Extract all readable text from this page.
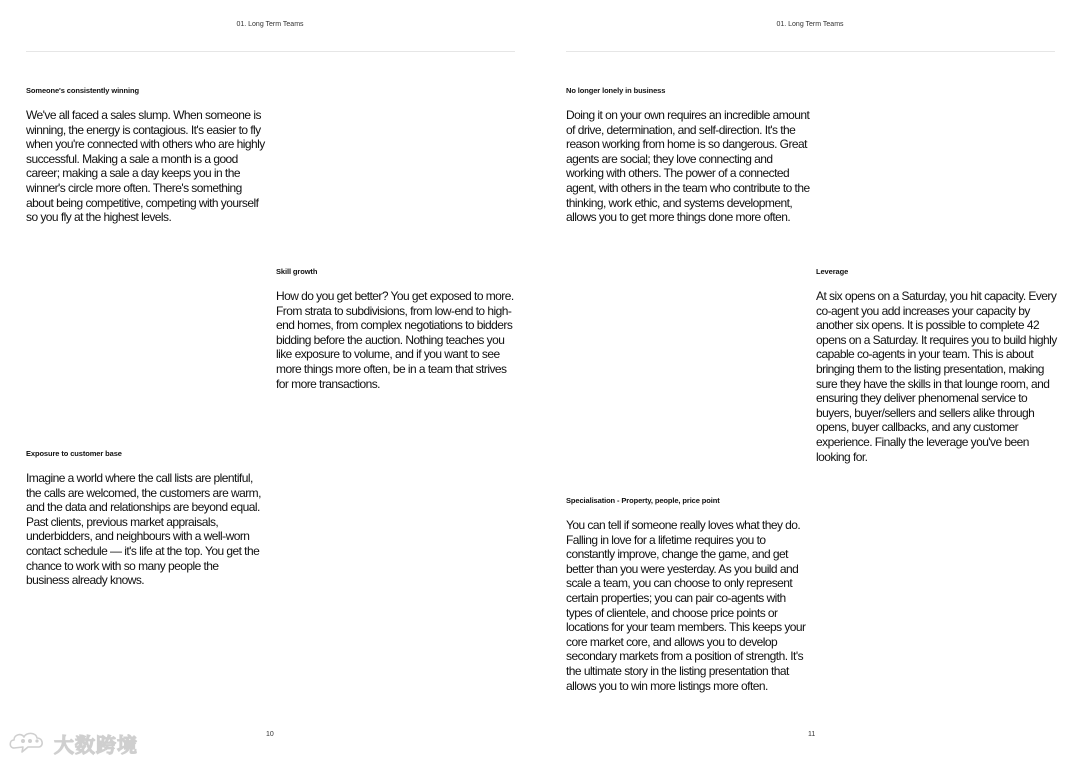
01. Long Term Teams
Someone's consistently winning

We've all faced a sales slump. When someone is winning, the energy is contagious. It's easier to fly when you're connected with others who are highly successful. Making a sale a month is a good career; making a sale a day keeps you in the winner's circle more often. There's something about being competitive, competing with yourself so you fly at the highest levels.

Skill growth

How do you get better? You get exposed to more. From strata to subdivisions, from low-end to high-end homes, from complex negotiations to bidders bidding before the auction. Nothing teaches you like exposure to volume, and if you want to see more things more often, be in a team that strives for more transactions.

Exposure to customer base

Imagine a world where the call lists are plentiful, the calls are welcomed, the customers are warm, and the data and relationships are beyond equal. Past clients, previous market appraisals, underbidders, and neighbours with a well-worn contact schedule — it's life at the top. You get the chance to work with so many people the business already knows.

10
01. Long Term Teams
No longer lonely in business

Doing it on your own requires an incredible amount of drive, determination, and self-direction. It's the reason working from home is so dangerous. Great agents are social; they love connecting and working with others. The power of a connected agent, with others in the team who contribute to the thinking, work ethic, and systems development, allows you to get more things done more often.

Leverage

At six opens on a Saturday, you hit capacity. Every co-agent you add increases your capacity by another six opens. It is possible to complete 42 opens on a Saturday. It requires you to build highly capable co-agents in your team. This is about bringing them to the listing presentation, making sure they have the skills in that lounge room, and ensuring they deliver phenomenal service to buyers, buyer/sellers and sellers alike through opens, buyer callbacks, and any customer experience. Finally the leverage you've been looking for.

Specialisation - Property, people, price point

You can tell if someone really loves what they do. Falling in love for a lifetime requires you to constantly improve, change the game, and get better than you were yesterday. As you build and scale a team, you can choose to only represent certain properties; you can pair co-agents with types of clientele, and choose price points or locations for your team members. This keeps your core market core, and allows you to develop secondary markets from a position of strength. It's the ultimate story in the listing presentation that allows you to win more listings more often.

11
大数跨境
